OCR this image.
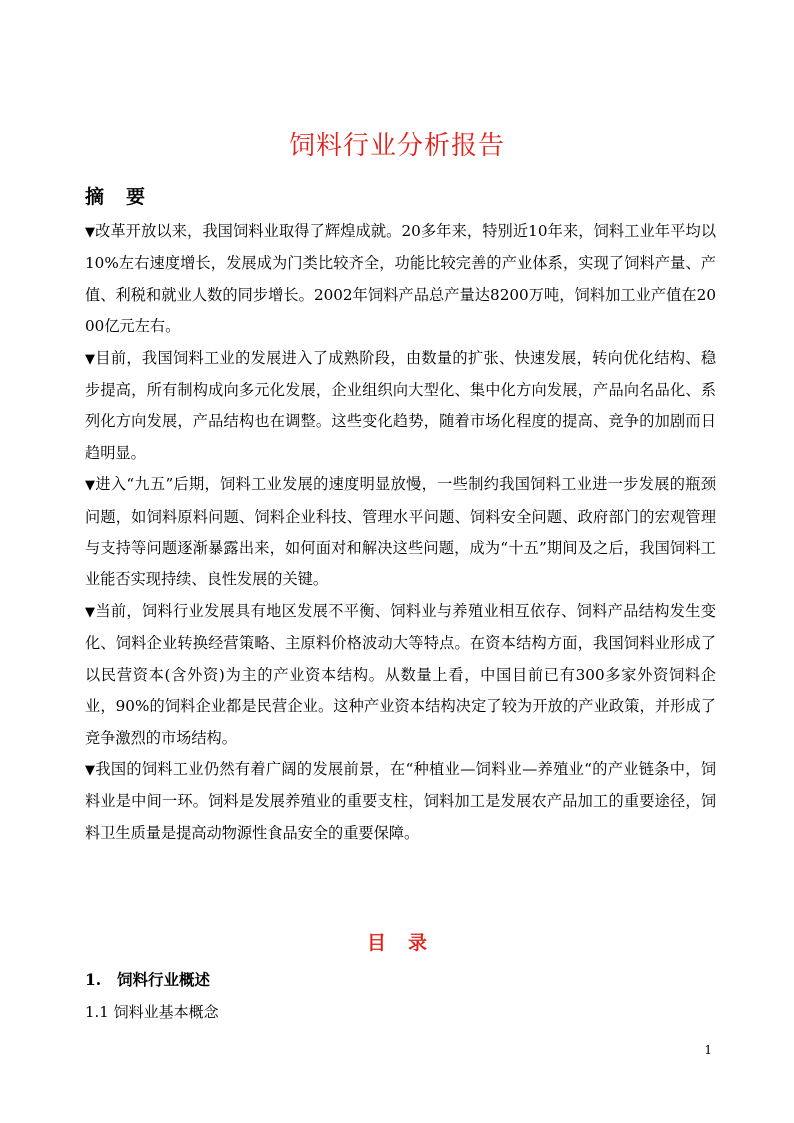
饲料行业分析报告
摘 要

▼改革开放以来，我国饲料业取得了辉煌成就。20多年来，特别近10年来，饲料工业年平均以10%左右速度增长，发展成为门类比较齐全，功能比较完善的产业体系，实现了饲料产量、产值、利税和就业人数的同步增长。2002年饲料产品总产量达8200万吨，饲料加工业产值在2000亿元左右。

▼目前，我国饲料工业的发展进入了成熟阶段，由数量的扩张、快速发展，转向优化结构、稳步提高，所有制构成向多元化发展，企业组织向大型化、集中化方向发展，产品向名品化、系列化方向发展，产品结构也在调整。这些变化趋势，随着市场化程度的提高、竞争的加剧而日趋明显。

▼进入“九五”后期，饲料工业发展的速度明显放慢，一些制约我国饲料工业进一步发展的瓶颈问题，如饲料原料问题、饲料企业科技、管理水平问题、饲料安全问题、政府部门的宏观管理与支持等问题逐渐暴露出来，如何面对和解决这些问题，成为“十五”期间及之后，我国饲料工业能否实现持续、良性发展的关键。

▼当前，饲料行业发展具有地区发展不平衡、饲料业与养殖业相互依存、饲料产品结构发生变化、饲料企业转换经营策略、主原料价格波动大等特点。在资本结构方面，我国饲料业形成了以民营资本(含外资)为主的产业资本结构。从数量上看，中国目前已有300多家外资饲料企业，90%的饲料企业都是民营企业。这种产业资本结构决定了较为开放的产业政策，并形成了竞争激烈的市场结构。

▼我国的饲料工业仍然有着广阔的发展前景，在“种植业—饲料业—养殖业“的产业链条中，饲料业是中间一环。饲料是发展养殖业的重要支柱，饲料加工是发展农产品加工的重要途径，饲料卫生质量是提高动物源性食品安全的重要保障。

目 录
1. 饲料行业概述
1.1 饲料业基本概念
1
